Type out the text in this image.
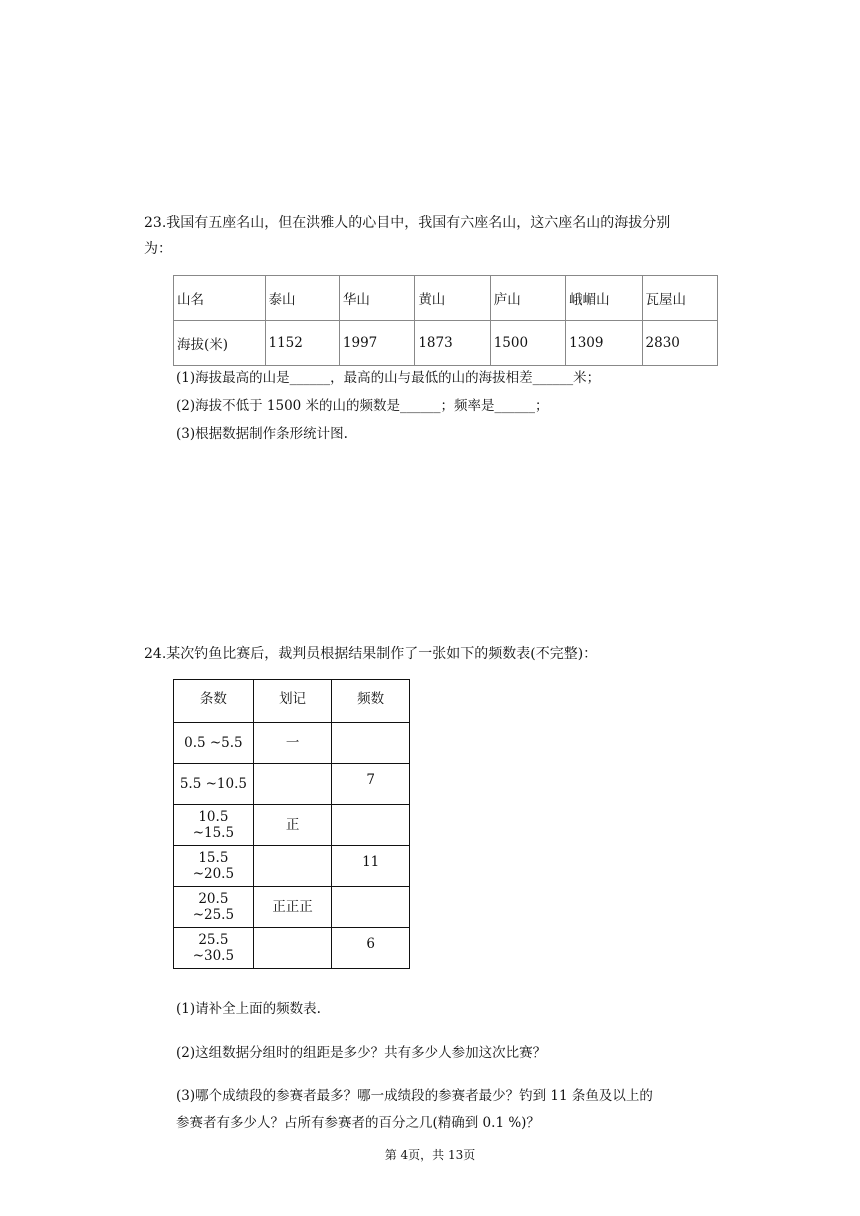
23.我国有五座名山，但在洪雅人的心目中，我国有六座名山，这六座名山的海拔分别
为：
山名	泰山	华山	黄山	庐山	峨嵋山	瓦屋山
海拔(米)	1152	1997	1873	1500	1309	2830
(1)海拔最高的山是______，最高的山与最低的山的海拔相差______米；
(2)海拔不低于 1500 米的山的频数是______；频率是______；
(3)根据数据制作条形统计图.
24.某次钓鱼比赛后，裁判员根据结果制作了一张如下的频数表(不完整)：
条数	划记	频数
0.5 ~5.5	一	
5.5 ~10.5		7
10.5 ~15.5	正	
15.5 ~20.5		11
20.5 ~25.5	正正正	
25.5 ~30.5		6
(1)请补全上面的频数表.
(2)这组数据分组时的组距是多少？共有多少人参加这次比赛？
(3)哪个成绩段的参赛者最多？哪一成绩段的参赛者最少？钓到 11 条鱼及以上的
参赛者有多少人？占所有参赛者的百分之几(精确到 0.1 %)？
第 4页，共 13页
